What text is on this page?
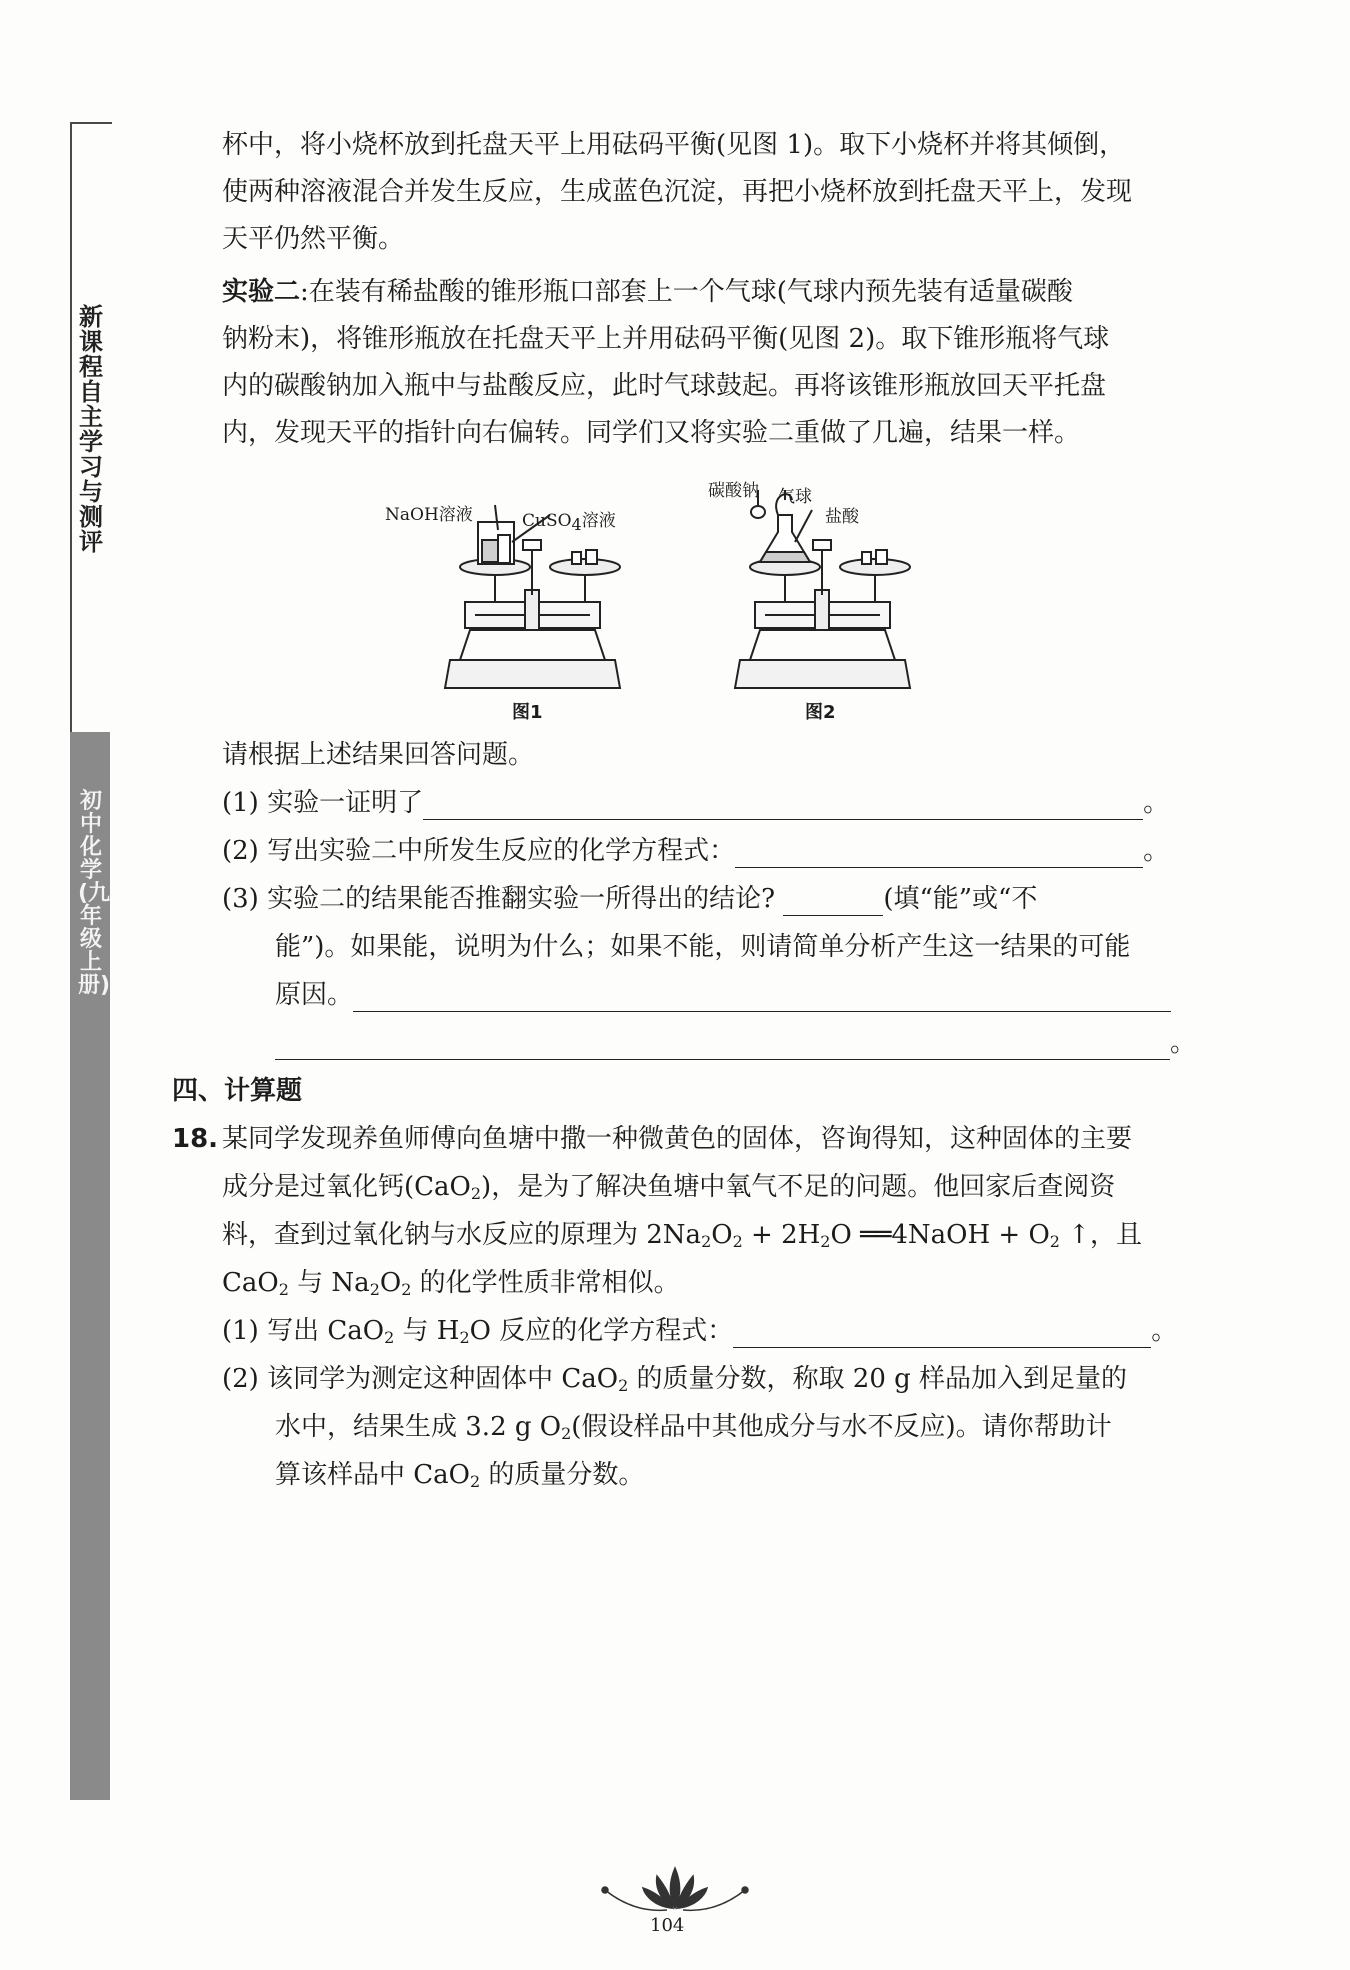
新课程自主学习与测评
初中化学(九年级上册)
杯中，将小烧杯放到托盘天平上用砝码平衡(见图 1)。取下小烧杯并将其倾倒，
使两种溶液混合并发生反应，生成蓝色沉淀，再把小烧杯放到托盘天平上，发现
天平仍然平衡。
实验二:在装有稀盐酸的锥形瓶口部套上一个气球(气球内预先装有适量碳酸
钠粉末)，将锥形瓶放在托盘天平上并用砝码平衡(见图 2)。取下锥形瓶将气球
内的碳酸钠加入瓶中与盐酸反应，此时气球鼓起。再将该锥形瓶放回天平托盘
内，发现天平的指针向右偏转。同学们又将实验二重做了几遍，结果一样。
NaOH溶液	CuSO$_4$溶液
碳酸钠 气球
盐酸
图1	图2
请根据上述结果回答问题。
(1) 实验一证明了	。
(2) 写出实验二中所发生反应的化学方程式：	。
(3) 实验二的结果能否推翻实验一所得出的结论?	(填“能”或“不
能”)。如果能，说明为什么；如果不能，则请简单分析产生这一结果的可能
原因。
。
四、计算题
18. 某同学发现养鱼师傅向鱼塘中撒一种微黄色的固体，咨询得知，这种固体的主要
成分是过氧化钙(CaO$_2$)，是为了解决鱼塘中氧气不足的问题。他回家后查阅资
料，查到过氧化钠与水反应的原理为 $2Na_2O_2 + 2H_2O$ ══4NaOH + $O_2$ ↑，且
CaO$_2$ 与 $Na_2O_2$ 的化学性质非常相似。
(1) 写出 CaO$_2$ 与 $H_2O$ 反应的化学方程式：	。
(2) 该同学为测定这种固体中 CaO$_2$ 的质量分数，称取 20 g 样品加入到足量的
水中，结果生成 3.2 g $O_2$(假设样品中其他成分与水不反应)。请你帮助计
算该样品中 CaO$_2$ 的质量分数。
104
